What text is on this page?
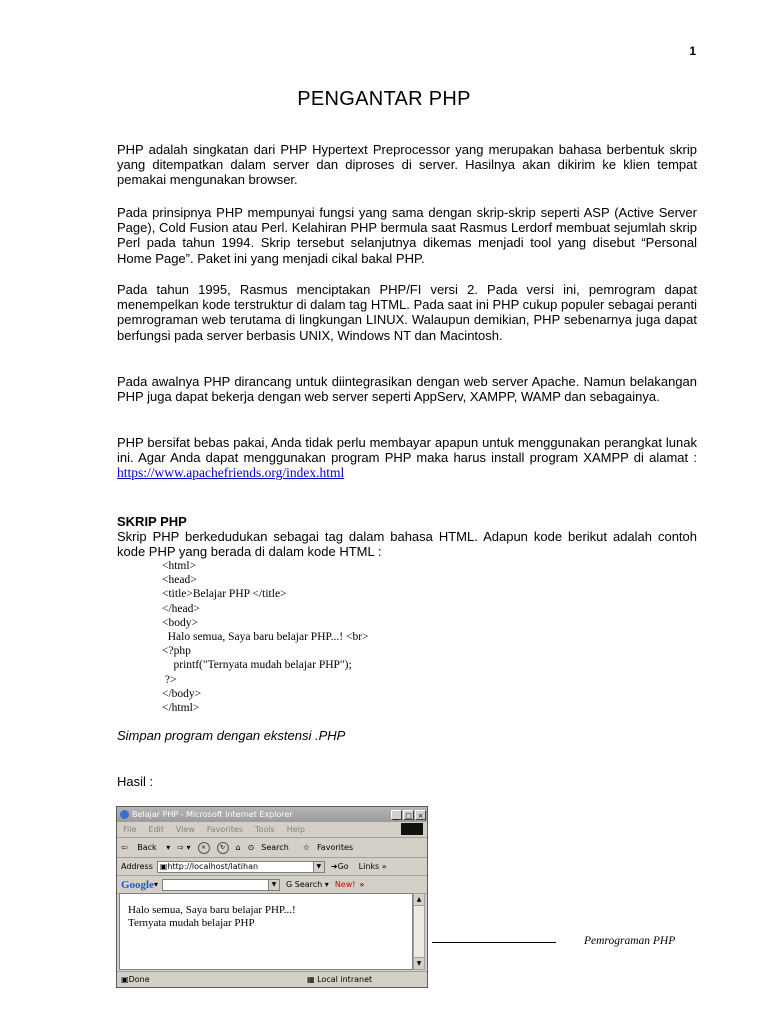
1
PENGANTAR PHP

PHP adalah singkatan dari PHP Hypertext Preprocessor yang merupakan bahasa berbentuk skrip yang ditempatkan dalam server dan diproses di server. Hasilnya akan dikirim ke klien tempat pemakai mengunakan browser.

Pada prinsipnya PHP mempunyai fungsi yang sama dengan skrip-skrip seperti ASP (Active Server Page), Cold Fusion atau Perl. Kelahiran PHP bermula saat Rasmus Lerdorf membuat sejumlah skrip Perl pada tahun 1994. Skrip tersebut selanjutnya dikemas menjadi tool yang disebut “Personal Home Page”. Paket ini yang menjadi cikal bakal PHP.

Pada tahun 1995, Rasmus menciptakan PHP/FI versi 2. Pada versi ini, pemrogram dapat menempelkan kode terstruktur di dalam tag HTML. Pada saat ini PHP cukup populer sebagai peranti pemrograman web terutama di lingkungan LINUX. Walaupun demikian, PHP sebenarnya juga dapat berfungsi pada server berbasis UNIX, Windows NT dan Macintosh.

Pada awalnya PHP dirancang untuk diintegrasikan dengan web server Apache. Namun belakangan PHP juga dapat bekerja dengan web server seperti AppServ, XAMPP, WAMP dan sebagainya.

PHP bersifat bebas pakai, Anda tidak perlu membayar apapun untuk menggunakan perangkat lunak ini. Agar Anda dapat menggunakan program PHP maka harus install program XAMPP di alamat : https://www.apachefriends.org/index.html

SKRIP PHP

Skrip PHP berkedudukan sebagai tag dalam bahasa HTML. Adapun kode berikut adalah contoh kode PHP yang berada di dalam kode HTML :

<html>
<head>
<title>Belajar PHP </title>
</head>
<body>
Halo semua, Saya baru belajar PHP...! <br>
<?php
printf("Ternyata mudah belajar PHP");
?>
</body>
</html>
Simpan program dengan ekstensi .PHP
Hasil :
Belajar PHP - Microsoft Internet Explorer	_ □ ×
File Edit View Favorites Tools Help
⇦ Back ▾ ⇨ ▾	×	↻	⌂ ⊙ Search	☆ Favorites
Address ▣ http://localhost/latihan	▼	➜Go Links »
Google ▾	▼	G Search ▾ New! »
Halo semua, Saya baru belajar PHP...!
Ternyata mudah belajar PHP
▲
▼
▣ Done	▦ Local intranet
Pemrograman PHP
